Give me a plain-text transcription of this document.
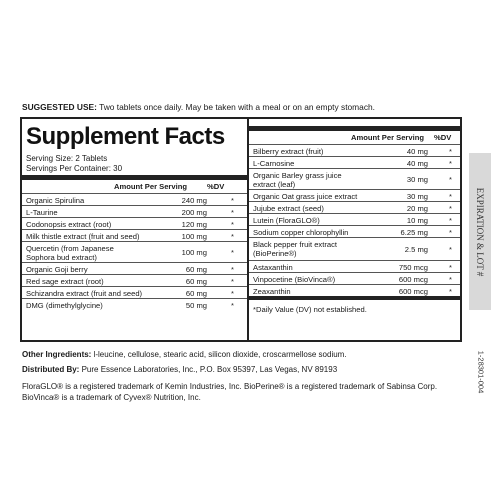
SUGGESTED USE: Two tablets once daily. May be taken with a meal or on an empty stomach.
Supplement Facts
Serving Size: 2 Tablets
Servings Per Container: 30
Amount Per Serving	%DV
Organic Spirulina	240 mg	*
L-Taurine	200 mg	*
Codonopsis extract (root)	120 mg	*
Milk thistle extract (fruit and seed)	100 mg	*
Quercetin (from Japanese
Sophora bud extract)
100 mg	*
Organic Goji berry	60 mg	*
Red sage extract (root)	60 mg	*
Schizandra extract (fruit and seed)	60 mg	*
DMG (dimethylglycine)	50 mg	*
Amount Per Serving %DV
Bilberry extract (fruit)	40 mg	*
L-Carnosine	40 mg	*
Organic Barley grass juice
extract (leaf)
30 mg	*
Organic Oat grass juice extract	30 mg	*
Jujube extract (seed)	20 mg	*
Lutein (FloraGLO®)	10 mg	*
Sodium copper chlorophyllin	6.25 mg	*
Black pepper fruit extract
(BioPerine®)	2.5 mg	*
Astaxanthin	750 mcg	*
Vinpocetine (BioVinca®)	600 mcg	*
Zeaxanthin	600 mcg	*
*Daily Value (DV) not established.
Other Ingredients: l-leucine, cellulose, stearic acid, silicon dioxide, croscarmellose sodium.
Distributed By: Pure Essence Laboratories, Inc., P.O. Box 95397, Las Vegas, NV 89193
FloraGLO® is a registered trademark of Kemin Industries, Inc. BioPerine® is a registered trademark of Sabinsa Corp. BioVinca® is a trademark of Cyvex® Nutrition, Inc.
EXPIRATION & LOT #
1-28301-004
